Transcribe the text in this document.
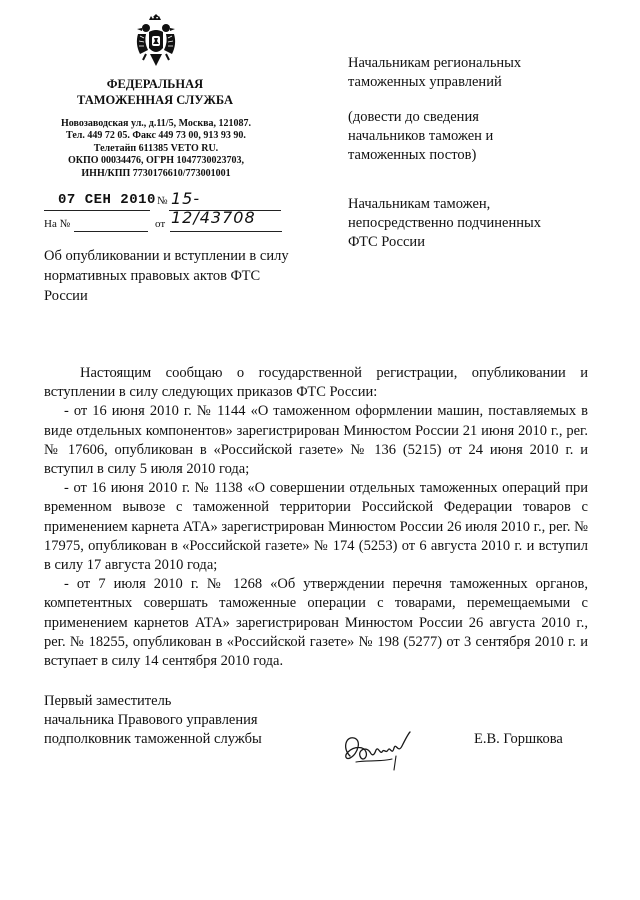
ФЕДЕРАЛЬНАЯ
ТАМОЖЕННАЯ СЛУЖБА
Новозаводская ул., д.11/5, Москва, 121087.
Тел. 449 72 05. Факс 449 73 00, 913 93 90.
Телетайп 611385 VETO RU.
ОКПО 00034476, ОГРН 1047730023703,
ИНН/КПП 7730176610/773001001
07 СЕН 2010 № 15-12/43708
На №	от
Об опубликовании и вступлении в силу нормативных правовых актов ФТС России

Начальникам региональных

таможенных управлений

(довести до сведения

начальников таможен и

таможенных постов)

Начальникам таможен,

непосредственно подчиненных

ФТС России

Настоящим сообщаю о государственной регистрации, опубликовании и вступлении в силу следующих приказов ФТС России:

- от 16 июня 2010 г. № 1144 «О таможенном оформлении машин, поставляемых в виде отдельных компонентов» зарегистрирован Минюстом России 21 июня 2010 г., рег. № 17606, опубликован в «Российской газете» № 136 (5215) от 24 июня 2010 г. и вступил в силу 5 июля 2010 года;

- от 16 июня 2010 г. № 1138 «О совершении отдельных таможенных операций при временном вывозе с таможенной территории Российской Федерации товаров с применением карнета АТА» зарегистрирован Минюстом России 26 июля 2010 г., рег. № 17975, опубликован в «Российской газете» № 174 (5253) от 6 августа 2010 г. и вступил в силу 17 августа 2010 года;

- от 7 июля 2010 г. № 1268 «Об утверждении перечня таможенных органов, компетентных совершать таможенные операции с товарами, перемещаемыми с применением карнетов АТА» зарегистрирован Минюстом России 26 августа 2010 г., рег. № 18255, опубликован в «Российской газете» № 198 (5277) от 3 сентября 2010 г. и вступает в силу 14 сентября 2010 года.

Первый заместитель
начальника Правового управления
подполковник таможенной службы	Е.В. Горшкова
